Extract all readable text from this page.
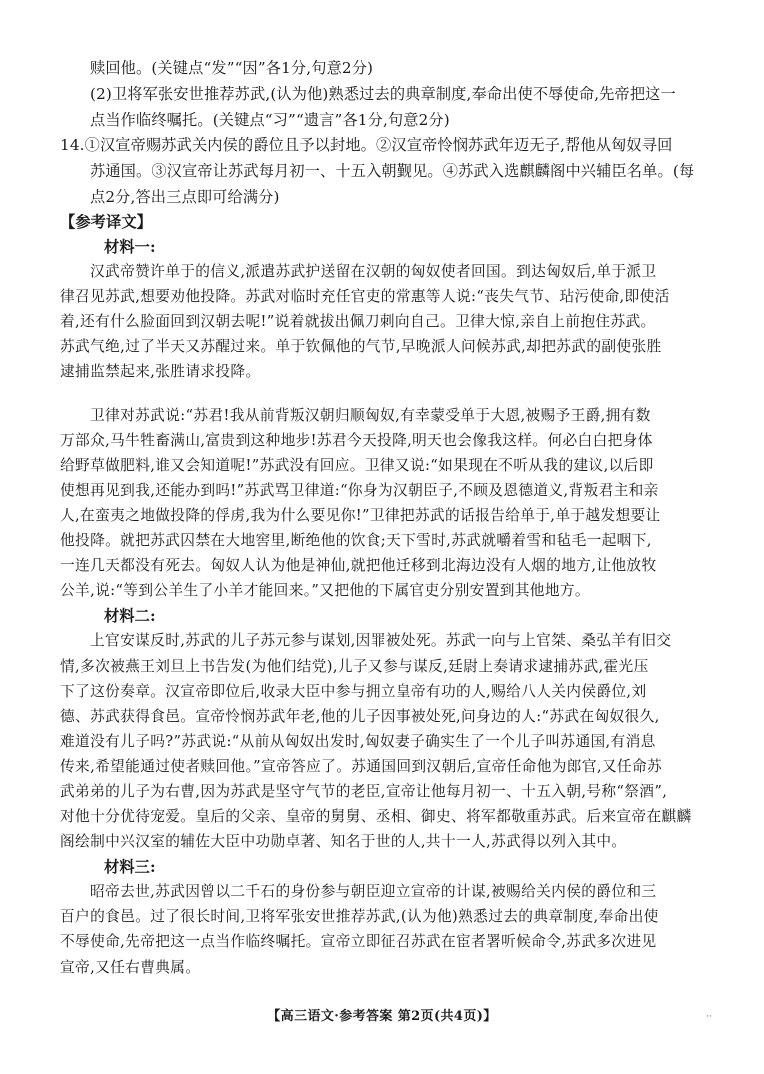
赎回他。(关键点“发”“因”各1分,句意2分)
(2)卫将军张安世推荐苏武,(认为他)熟悉过去的典章制度,奉命出使不辱使命,先帝把这一
点当作临终嘱托。(关键点“习”“遗言”各1分,句意2分)
14.①汉宣帝赐苏武关内侯的爵位且予以封地。②汉宣帝怜悯苏武年迈无子,帮他从匈奴寻回
苏通国。③汉宣帝让苏武每月初一、十五入朝觐见。④苏武入选麒麟阁中兴辅臣名单。(每
点2分,答出三点即可给满分)
【参考译文】
材料一:
汉武帝赞许单于的信义,派遣苏武护送留在汉朝的匈奴使者回国。到达匈奴后,单于派卫
律召见苏武,想要劝他投降。苏武对临时充任官吏的常惠等人说:“丧失气节、玷污使命,即使活
着,还有什么脸面回到汉朝去呢!”说着就拔出佩刀刺向自己。卫律大惊,亲自上前抱住苏武。
苏武气绝,过了半天又苏醒过来。单于钦佩他的气节,早晚派人问候苏武,却把苏武的副使张胜
逮捕监禁起来,张胜请求投降。
卫律对苏武说:“苏君!我从前背叛汉朝归顺匈奴,有幸蒙受单于大恩,被赐予王爵,拥有数
万部众,马牛牲畜满山,富贵到这种地步!苏君今天投降,明天也会像我这样。何必白白把身体
给野草做肥料,谁又会知道呢!”苏武没有回应。卫律又说:“如果现在不听从我的建议,以后即
使想再见到我,还能办到吗!”苏武骂卫律道:“你身为汉朝臣子,不顾及恩德道义,背叛君主和亲
人,在蛮夷之地做投降的俘虏,我为什么要见你!”卫律把苏武的话报告给单于,单于越发想要让
他投降。就把苏武囚禁在大地窖里,断绝他的饮食;天下雪时,苏武就嚼着雪和毡毛一起咽下,
一连几天都没有死去。匈奴人认为他是神仙,就把他迁移到北海边没有人烟的地方,让他放牧
公羊,说:“等到公羊生了小羊才能回来。”又把他的下属官吏分别安置到其他地方。
材料二:
上官安谋反时,苏武的儿子苏元参与谋划,因罪被处死。苏武一向与上官桀、桑弘羊有旧交
情,多次被燕王刘旦上书告发(为他们结党),儿子又参与谋反,廷尉上奏请求逮捕苏武,霍光压
下了这份奏章。汉宣帝即位后,收录大臣中参与拥立皇帝有功的人,赐给八人关内侯爵位,刘
德、苏武获得食邑。宣帝怜悯苏武年老,他的儿子因事被处死,问身边的人:“苏武在匈奴很久,
难道没有儿子吗?”苏武说:“从前从匈奴出发时,匈奴妻子确实生了一个儿子叫苏通国,有消息
传来,希望能通过使者赎回他。”宣帝答应了。苏通国回到汉朝后,宣帝任命他为郎官,又任命苏
武弟弟的儿子为右曹,因为苏武是坚守气节的老臣,宣帝让他每月初一、十五入朝,号称“祭酒”,
对他十分优待宠爱。皇后的父亲、皇帝的舅舅、丞相、御史、将军都敬重苏武。后来宣帝在麒麟
阁绘制中兴汉室的辅佐大臣中功勋卓著、知名于世的人,共十一人,苏武得以列入其中。
材料三:
昭帝去世,苏武因曾以二千石的身份参与朝臣迎立宣帝的计谋,被赐给关内侯的爵位和三
百户的食邑。过了很长时间,卫将军张安世推荐苏武,(认为他)熟悉过去的典章制度,奉命出使
不辱使命,先帝把这一点当作临终嘱托。宣帝立即征召苏武在宦者署听候命令,苏武多次进见
宣帝,又任右曹典属。
【高三语文·参考答案 第2页(共4页)】	··
